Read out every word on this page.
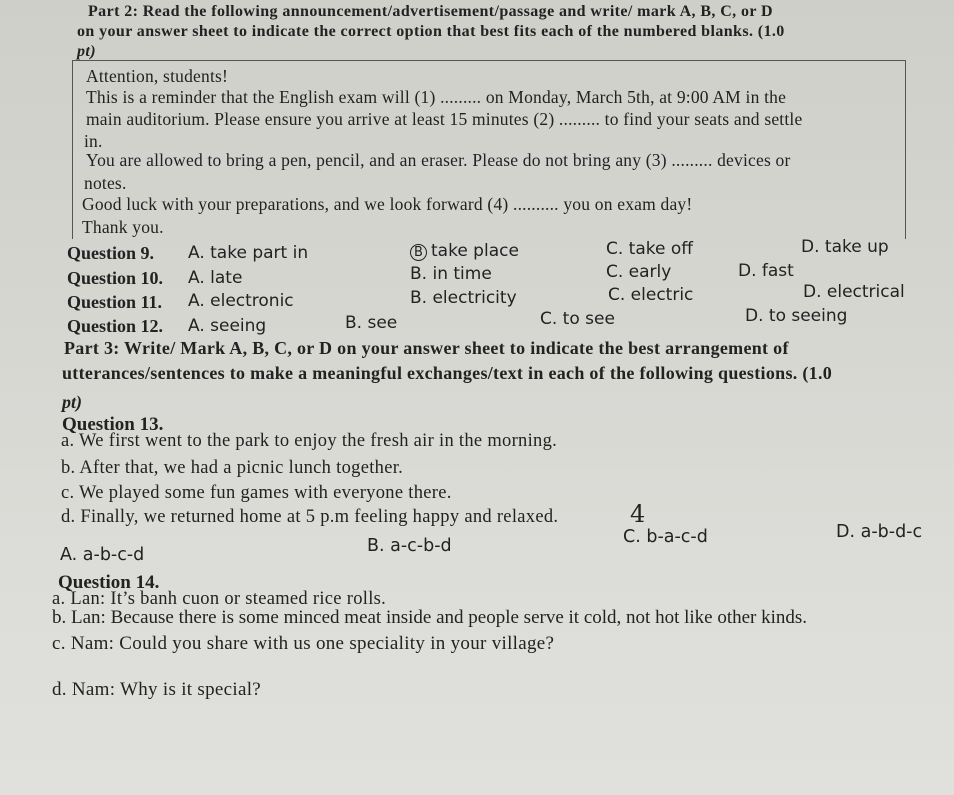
Part 2: Read the following announcement/advertisement/passage and write/ mark A, B, C, or D
on your answer sheet to indicate the correct option that best fits each of the numbered blanks. (1.0
pt)
Attention, students!
This is a reminder that the English exam will (1) ......... on Monday, March 5th, at 9:00 AM in the
main auditorium. Please ensure you arrive at least 15 minutes (2) ......... to find your seats and settle
in.
You are allowed to bring a pen, pencil, and an eraser. Please do not bring any (3) ......... devices or
notes.
Good luck with your preparations, and we look forward (4) .......... you on exam day!
Thank you.
Question 9. A. take part in	B take place	C. take off	D. take up
Question 10. A. late	B. in time	C. early	D. fast
Question 11. A. electronic	B. electricity	C. electric	D. electrical
Question 12. A. seeing	B. see	C. to see	D. to seeing
Part 3: Write/ Mark A, B, C, or D on your answer sheet to indicate the best arrangement of
utterances/sentences to make a meaningful exchanges/text in each of the following questions. (1.0
pt)
Question 13.
a. We first went to the park to enjoy the fresh air in the morning.
b. After that, we had a picnic lunch together.
c. We played some fun games with everyone there.
d. Finally, we returned home at 5 p.m feeling happy and relaxed.	4
A. a-b-c-d	B. a-c-b-d	C. b-a-c-d	D. a-b-d-c
Question 14.
a. Lan: It’s banh cuon or steamed rice rolls.
b. Lan: Because there is some minced meat inside and people serve it cold, not hot like other kinds.
c. Nam: Could you share with us one speciality in your village?
d. Nam: Why is it special?
